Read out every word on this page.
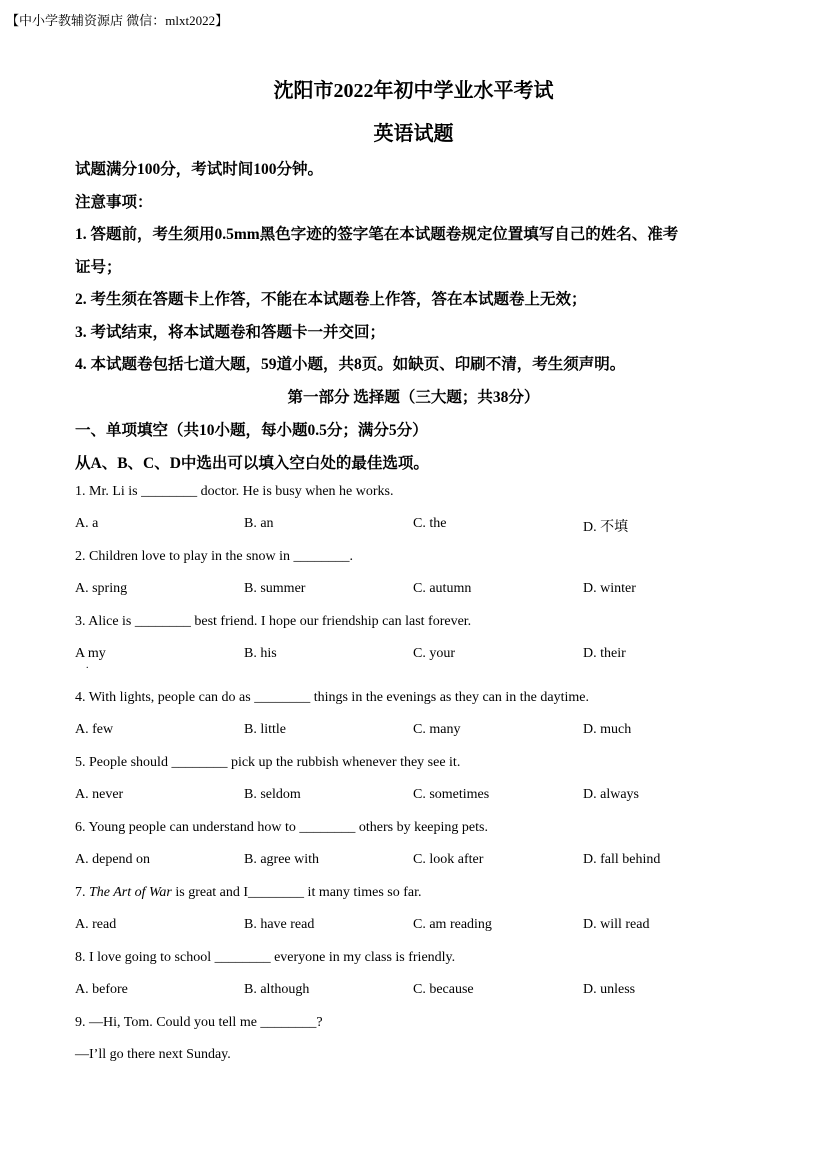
【中小学教辅资源店 微信：mlxt2022】
沈阳市2022年初中学业水平考试
英语试题
试题满分100分，考试时间100分钟。
注意事项：
1. 答题前，考生须用0.5mm黑色字迹的签字笔在本试题卷规定位置填写自己的姓名、准考
证号；
2. 考生须在答题卡上作答，不能在本试题卷上作答，答在本试题卷上无效；
3. 考试结束，将本试题卷和答题卡一并交回；
4. 本试题卷包括七道大题，59道小题，共8页。如缺页、印刷不清，考生须声明。
第一部分 选择题（三大题；共38分）
一、单项填空（共10小题，每小题0.5分；满分5分）
从A、B、C、D中选出可以填入空白处的最佳选项。
1. Mr. Li is ________ doctor. He is busy when he works.
A. a	B. an	C. the	D. 不填
2. Children love to play in the snow in ________.
A. spring	B. summer	C. autumn	D. winter
3. Alice is ________ best friend. I hope our friendship can last forever.
A my	B. his	C. your	D. their
.
4. With lights, people can do as ________ things in the evenings as they can in the daytime.
A. few	B. little	C. many	D. much
5. People should ________ pick up the rubbish whenever they see it.
A. never	B. seldom	C. sometimes	D. always
6. Young people can understand how to ________ others by keeping pets.
A. depend on	B. agree with	C. look after	D. fall behind
7. The Art of War is great and I________ it many times so far.
A. read	B. have read	C. am reading	D. will read
8. I love going to school ________ everyone in my class is friendly.
A. before	B. although	C. because	D. unless
9. —Hi, Tom. Could you tell me ________?
—I’ll go there next Sunday.
